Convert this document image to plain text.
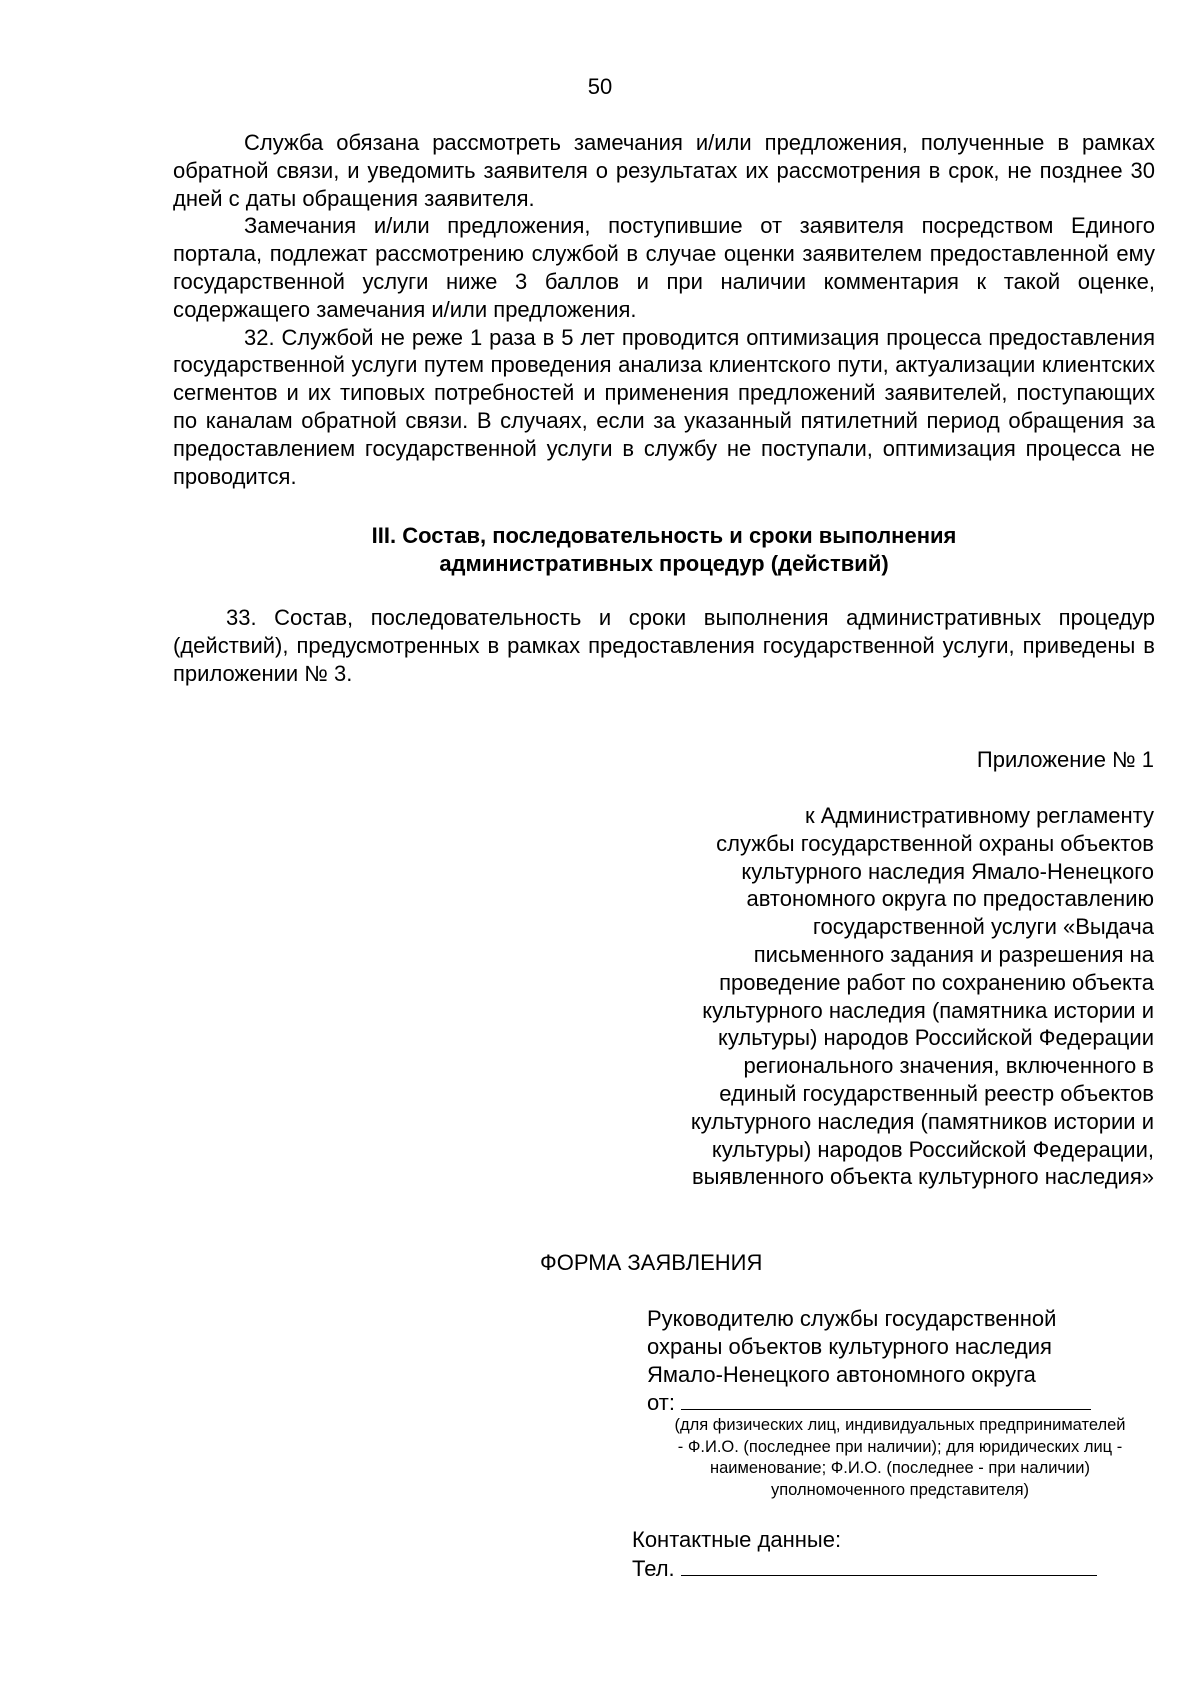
50

Служба обязана рассмотреть замечания и/или предложения, полученные в рамках обратной связи, и уведомить заявителя о результатах их рассмотрения в срок, не позднее 30 дней с даты обращения заявителя.

Замечания и/или предложения, поступившие от заявителя посредством Единого портала, подлежат рассмотрению службой в случае оценки заявителем предоставленной ему государственной услуги ниже 3 баллов и при наличии комментария к такой оценке, содержащего замечания и/или предложения.

32. Службой не реже 1 раза в 5 лет проводится оптимизация процесса предоставления государственной услуги путем проведения анализа клиентского пути, актуализации клиентских сегментов и их типовых потребностей и применения предложений заявителей, поступающих по каналам обратной связи. В случаях, если за указанный пятилетний период обращения за предоставлением государственной услуги в службу не поступали, оптимизация процесса не проводится.

III. Состав, последовательность и сроки выполнения
административных процедур (действий)

33. Состав, последовательность и сроки выполнения административных процедур (действий), предусмотренных в рамках предоставления государственной услуги, приведены в приложении № 3.

Приложение № 1
к Административному регламенту
службы государственной охраны объектов
культурного наследия Ямало-Ненецкого
автономного округа по предоставлению
государственной услуги «Выдача
письменного задания и разрешения на
проведение работ по сохранению объекта
культурного наследия (памятника истории и
культуры) народов Российской Федерации
регионального значения, включенного в
единый государственный реестр объектов
культурного наследия (памятников истории и
культуры) народов Российской Федерации,
выявленного объекта культурного наследия»
ФОРМА ЗАЯВЛЕНИЯ
Руководителю службы государственной
охраны объектов культурного наследия
Ямало-Ненецкого автономного округа
от:
(для физических лиц, индивидуальных предпринимателей
- Ф.И.О. (последнее при наличии); для юридических лиц -
наименование; Ф.И.О. (последнее - при наличии)
уполномоченного представителя)
Контактные данные:
Тел.
